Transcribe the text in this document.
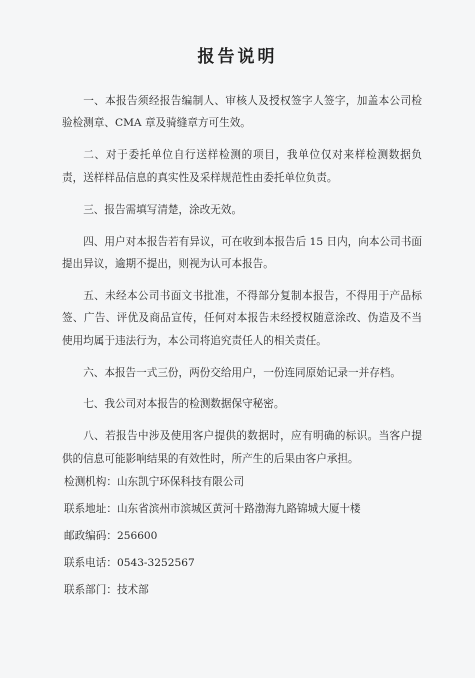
报告说明

一、本报告须经报告编制人、审核人及授权签字人签字，加盖本公司检验检测章、CMA 章及骑缝章方可生效。

二、对于委托单位自行送样检测的项目，我单位仅对来样检测数据负责，送样样品信息的真实性及采样规范性由委托单位负责。

三、报告需填写清楚，涂改无效。

四、用户对本报告若有异议，可在收到本报告后 15 日内，向本公司书面提出异议，逾期不提出，则视为认可本报告。

五、未经本公司书面文书批准，不得部分复制本报告，不得用于产品标签、广告、评优及商品宣传，任何对本报告未经授权随意涂改、伪造及不当使用均属于违法行为，本公司将追究责任人的相关责任。

六、本报告一式三份，两份交给用户，一份连同原始记录一并存档。

七、我公司对本报告的检测数据保守秘密。

八、若报告中涉及使用客户提供的数据时，应有明确的标识。当客户提供的信息可能影响结果的有效性时，所产生的后果由客户承担。

检测机构：山东凯宁环保科技有限公司
联系地址：山东省滨州市滨城区黄河十路渤海九路锦城大厦十楼
邮政编码：256600
联系电话：0543-3252567
联系部门：技术部
